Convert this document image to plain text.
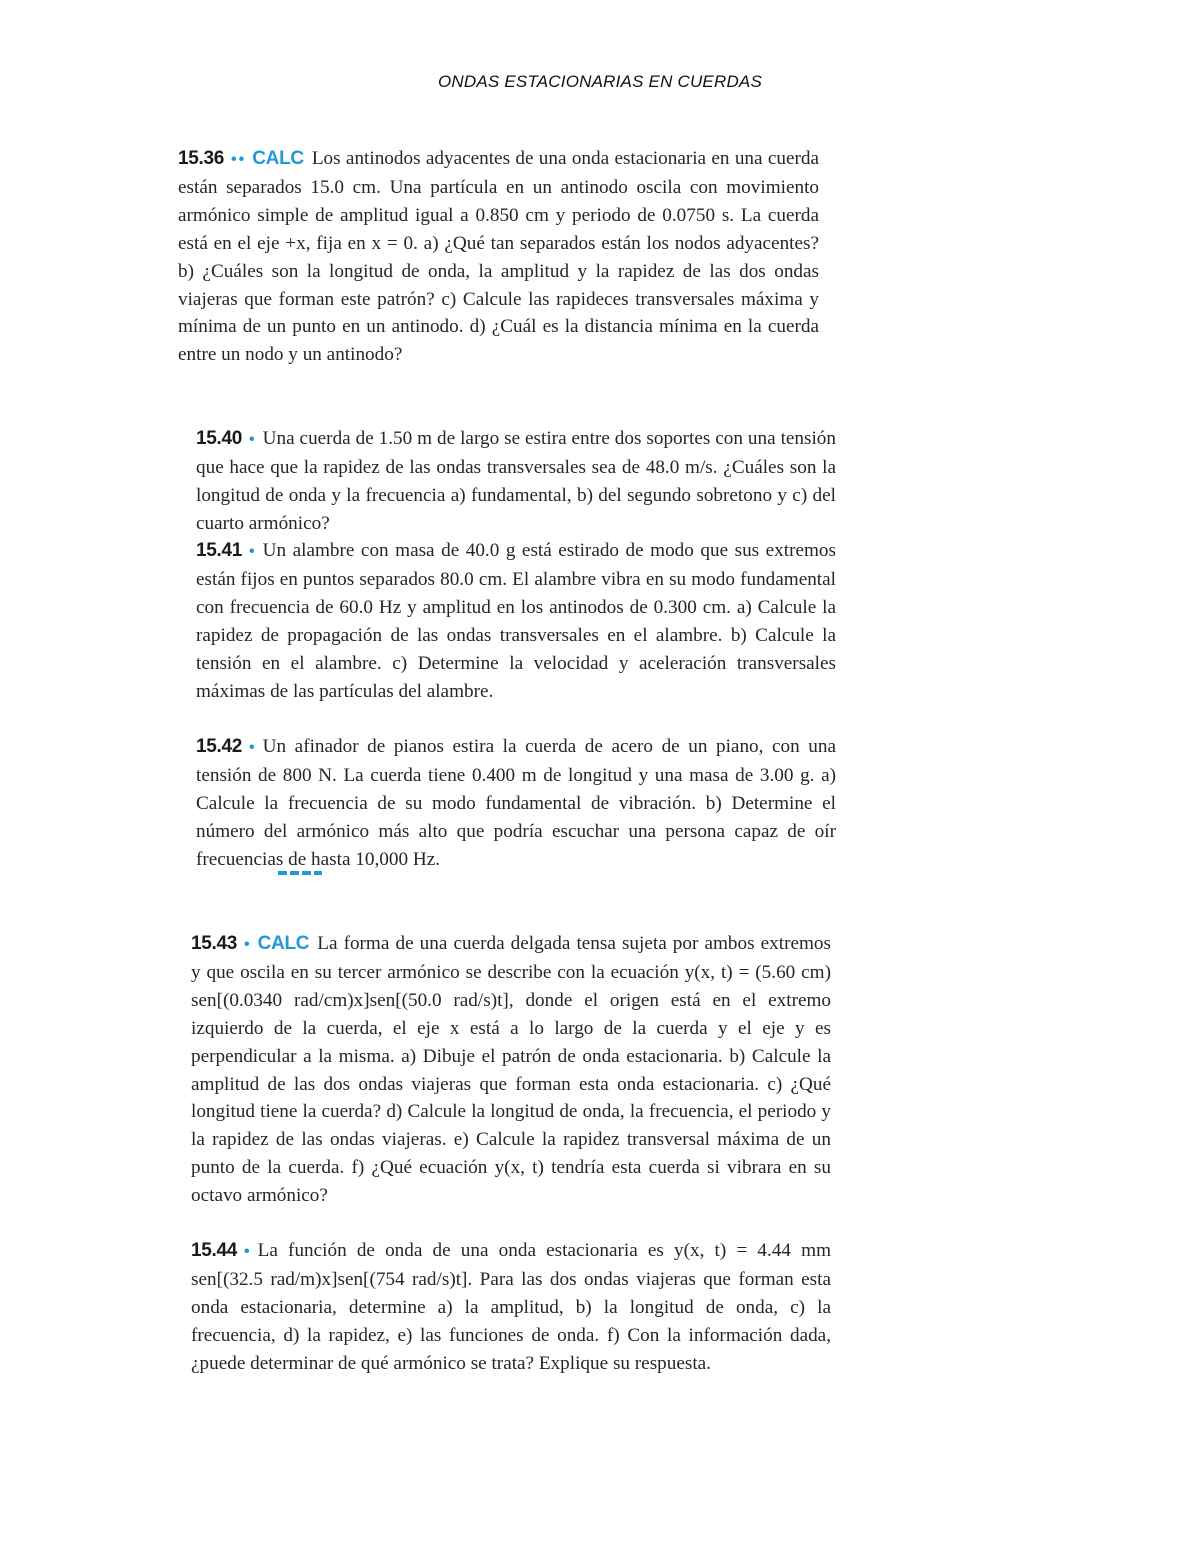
ONDAS ESTACIONARIAS EN CUERDAS
15.36 •• CALC Los antinodos adyacentes de una onda estacionaria en una cuerda están separados 15.0 cm. Una partícula en un antinodo oscila con movimiento armónico simple de amplitud igual a 0.850 cm y periodo de 0.0750 s. La cuerda está en el eje +x, fija en x = 0. a) ¿Qué tan separados están los nodos adyacentes? b) ¿Cuáles son la longitud de onda, la amplitud y la rapidez de las dos ondas viajeras que forman este patrón? c) Calcule las rapideces transversales máxima y mínima de un punto en un antinodo. d) ¿Cuál es la distancia mínima en la cuerda entre un nodo y un antinodo?
15.40 • Una cuerda de 1.50 m de largo se estira entre dos soportes con una tensión que hace que la rapidez de las ondas transversales sea de 48.0 m/s. ¿Cuáles son la longitud de onda y la frecuencia a) fundamental, b) del segundo sobretono y c) del cuarto armónico?
15.41 • Un alambre con masa de 40.0 g está estirado de modo que sus extremos están fijos en puntos separados 80.0 cm. El alambre vibra en su modo fundamental con frecuencia de 60.0 Hz y amplitud en los antinodos de 0.300 cm. a) Calcule la rapidez de propagación de las ondas transversales en el alambre. b) Calcule la tensión en el alambre. c) Determine la velocidad y aceleración transversales máximas de las partículas del alambre.
15.42 • Un afinador de pianos estira la cuerda de acero de un piano, con una tensión de 800 N. La cuerda tiene 0.400 m de longitud y una masa de 3.00 g. a) Calcule la frecuencia de su modo fundamental de vibración. b) Determine el número del armónico más alto que podría escuchar una persona capaz de oír frecuencias de hasta 10,000 Hz.
15.43 • CALC La forma de una cuerda delgada tensa sujeta por ambos extremos y que oscila en su tercer armónico se describe con la ecuación y(x, t) = (5.60 cm) sen[(0.0340 rad/cm)x]sen[(50.0 rad/s)t], donde el origen está en el extremo izquierdo de la cuerda, el eje x está a lo largo de la cuerda y el eje y es perpendicular a la misma. a) Dibuje el patrón de onda estacionaria. b) Calcule la amplitud de las dos ondas viajeras que forman esta onda estacionaria. c) ¿Qué longitud tiene la cuerda? d) Calcule la longitud de onda, la frecuencia, el periodo y la rapidez de las ondas viajeras. e) Calcule la rapidez transversal máxima de un punto de la cuerda. f) ¿Qué ecuación y(x, t) tendría esta cuerda si vibrara en su octavo armónico?
15.44 • La función de onda de una onda estacionaria es y(x, t) = 4.44 mm sen[(32.5 rad/m)x]sen[(754 rad/s)t]. Para las dos ondas viajeras que forman esta onda estacionaria, determine a) la amplitud, b) la longitud de onda, c) la frecuencia, d) la rapidez, e) las funciones de onda. f) Con la información dada, ¿puede determinar de qué armónico se trata? Explique su respuesta.
